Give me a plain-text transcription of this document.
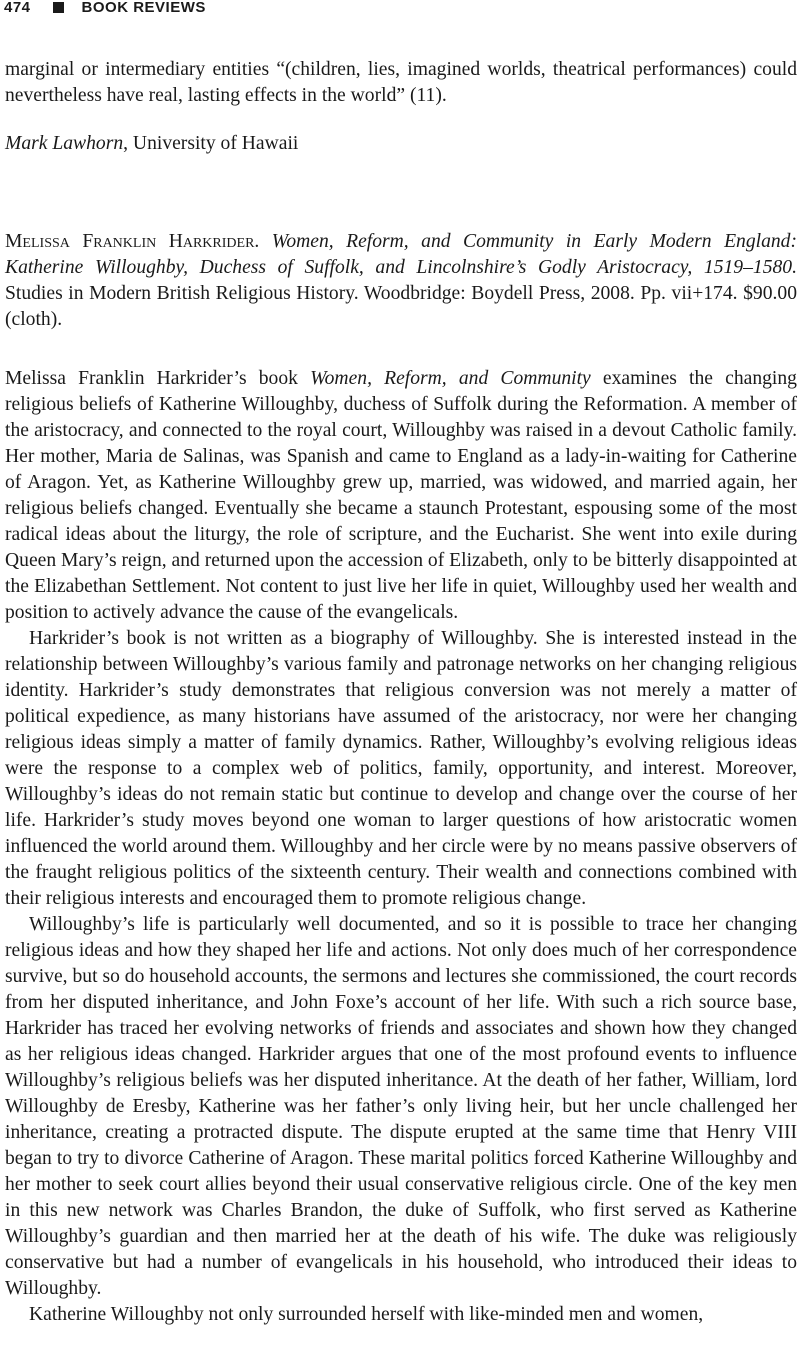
474	BOOK REVIEWS

marginal or intermediary entities “(children, lies, imagined worlds, theatrical performances) could nevertheless have real, lasting effects in the world” (11).

Mark Lawhorn, University of Hawaii

Melissa Franklin Harkrider. Women, Reform, and Community in Early Modern England: Katherine Willoughby, Duchess of Suffolk, and Lincolnshire’s Godly Aristocracy, 1519–1580. Studies in Modern British Religious History. Woodbridge: Boydell Press, 2008. Pp. vii+174. $90.00 (cloth).

Melissa Franklin Harkrider’s book Women, Reform, and Community examines the changing religious beliefs of Katherine Willoughby, duchess of Suffolk during the Reformation. A member of the aristocracy, and connected to the royal court, Willoughby was raised in a devout Catholic family. Her mother, Maria de Salinas, was Spanish and came to England as a lady-in-waiting for Catherine of Aragon. Yet, as Katherine Willoughby grew up, married, was widowed, and married again, her religious beliefs changed. Eventually she became a staunch Protestant, espousing some of the most radical ideas about the liturgy, the role of scripture, and the Eucharist. She went into exile during Queen Mary’s reign, and returned upon the accession of Elizabeth, only to be bitterly disappointed at the Elizabethan Settlement. Not content to just live her life in quiet, Willoughby used her wealth and position to actively advance the cause of the evangelicals.

Harkrider’s book is not written as a biography of Willoughby. She is interested instead in the relationship between Willoughby’s various family and patronage networks on her changing religious identity. Harkrider’s study demonstrates that religious conversion was not merely a matter of political expedience, as many historians have assumed of the aristocracy, nor were her changing religious ideas simply a matter of family dynamics. Rather, Willoughby’s evolving religious ideas were the response to a complex web of politics, family, opportunity, and interest. Moreover, Willoughby’s ideas do not remain static but continue to develop and change over the course of her life. Harkrider’s study moves beyond one woman to larger questions of how aristocratic women influenced the world around them. Willoughby and her circle were by no means passive observers of the fraught religious politics of the sixteenth century. Their wealth and connections combined with their religious interests and encouraged them to promote religious change.

Willoughby’s life is particularly well documented, and so it is possible to trace her changing religious ideas and how they shaped her life and actions. Not only does much of her correspondence survive, but so do household accounts, the sermons and lectures she commissioned, the court records from her disputed inheritance, and John Foxe’s account of her life. With such a rich source base, Harkrider has traced her evolving networks of friends and associates and shown how they changed as her religious ideas changed. Harkrider argues that one of the most profound events to influence Willoughby’s religious beliefs was her disputed inheritance. At the death of her father, William, lord Willoughby de Eresby, Katherine was her father’s only living heir, but her uncle challenged her inheritance, creating a protracted dispute. The dispute erupted at the same time that Henry VIII began to try to divorce Catherine of Aragon. These marital politics forced Katherine Willoughby and her mother to seek court allies beyond their usual conservative religious circle. One of the key men in this new network was Charles Brandon, the duke of Suffolk, who first served as Katherine Willoughby’s guardian and then married her at the death of his wife. The duke was religiously conservative but had a number of evangelicals in his household, who introduced their ideas to Willoughby.

Katherine Willoughby not only surrounded herself with like-minded men and women,
